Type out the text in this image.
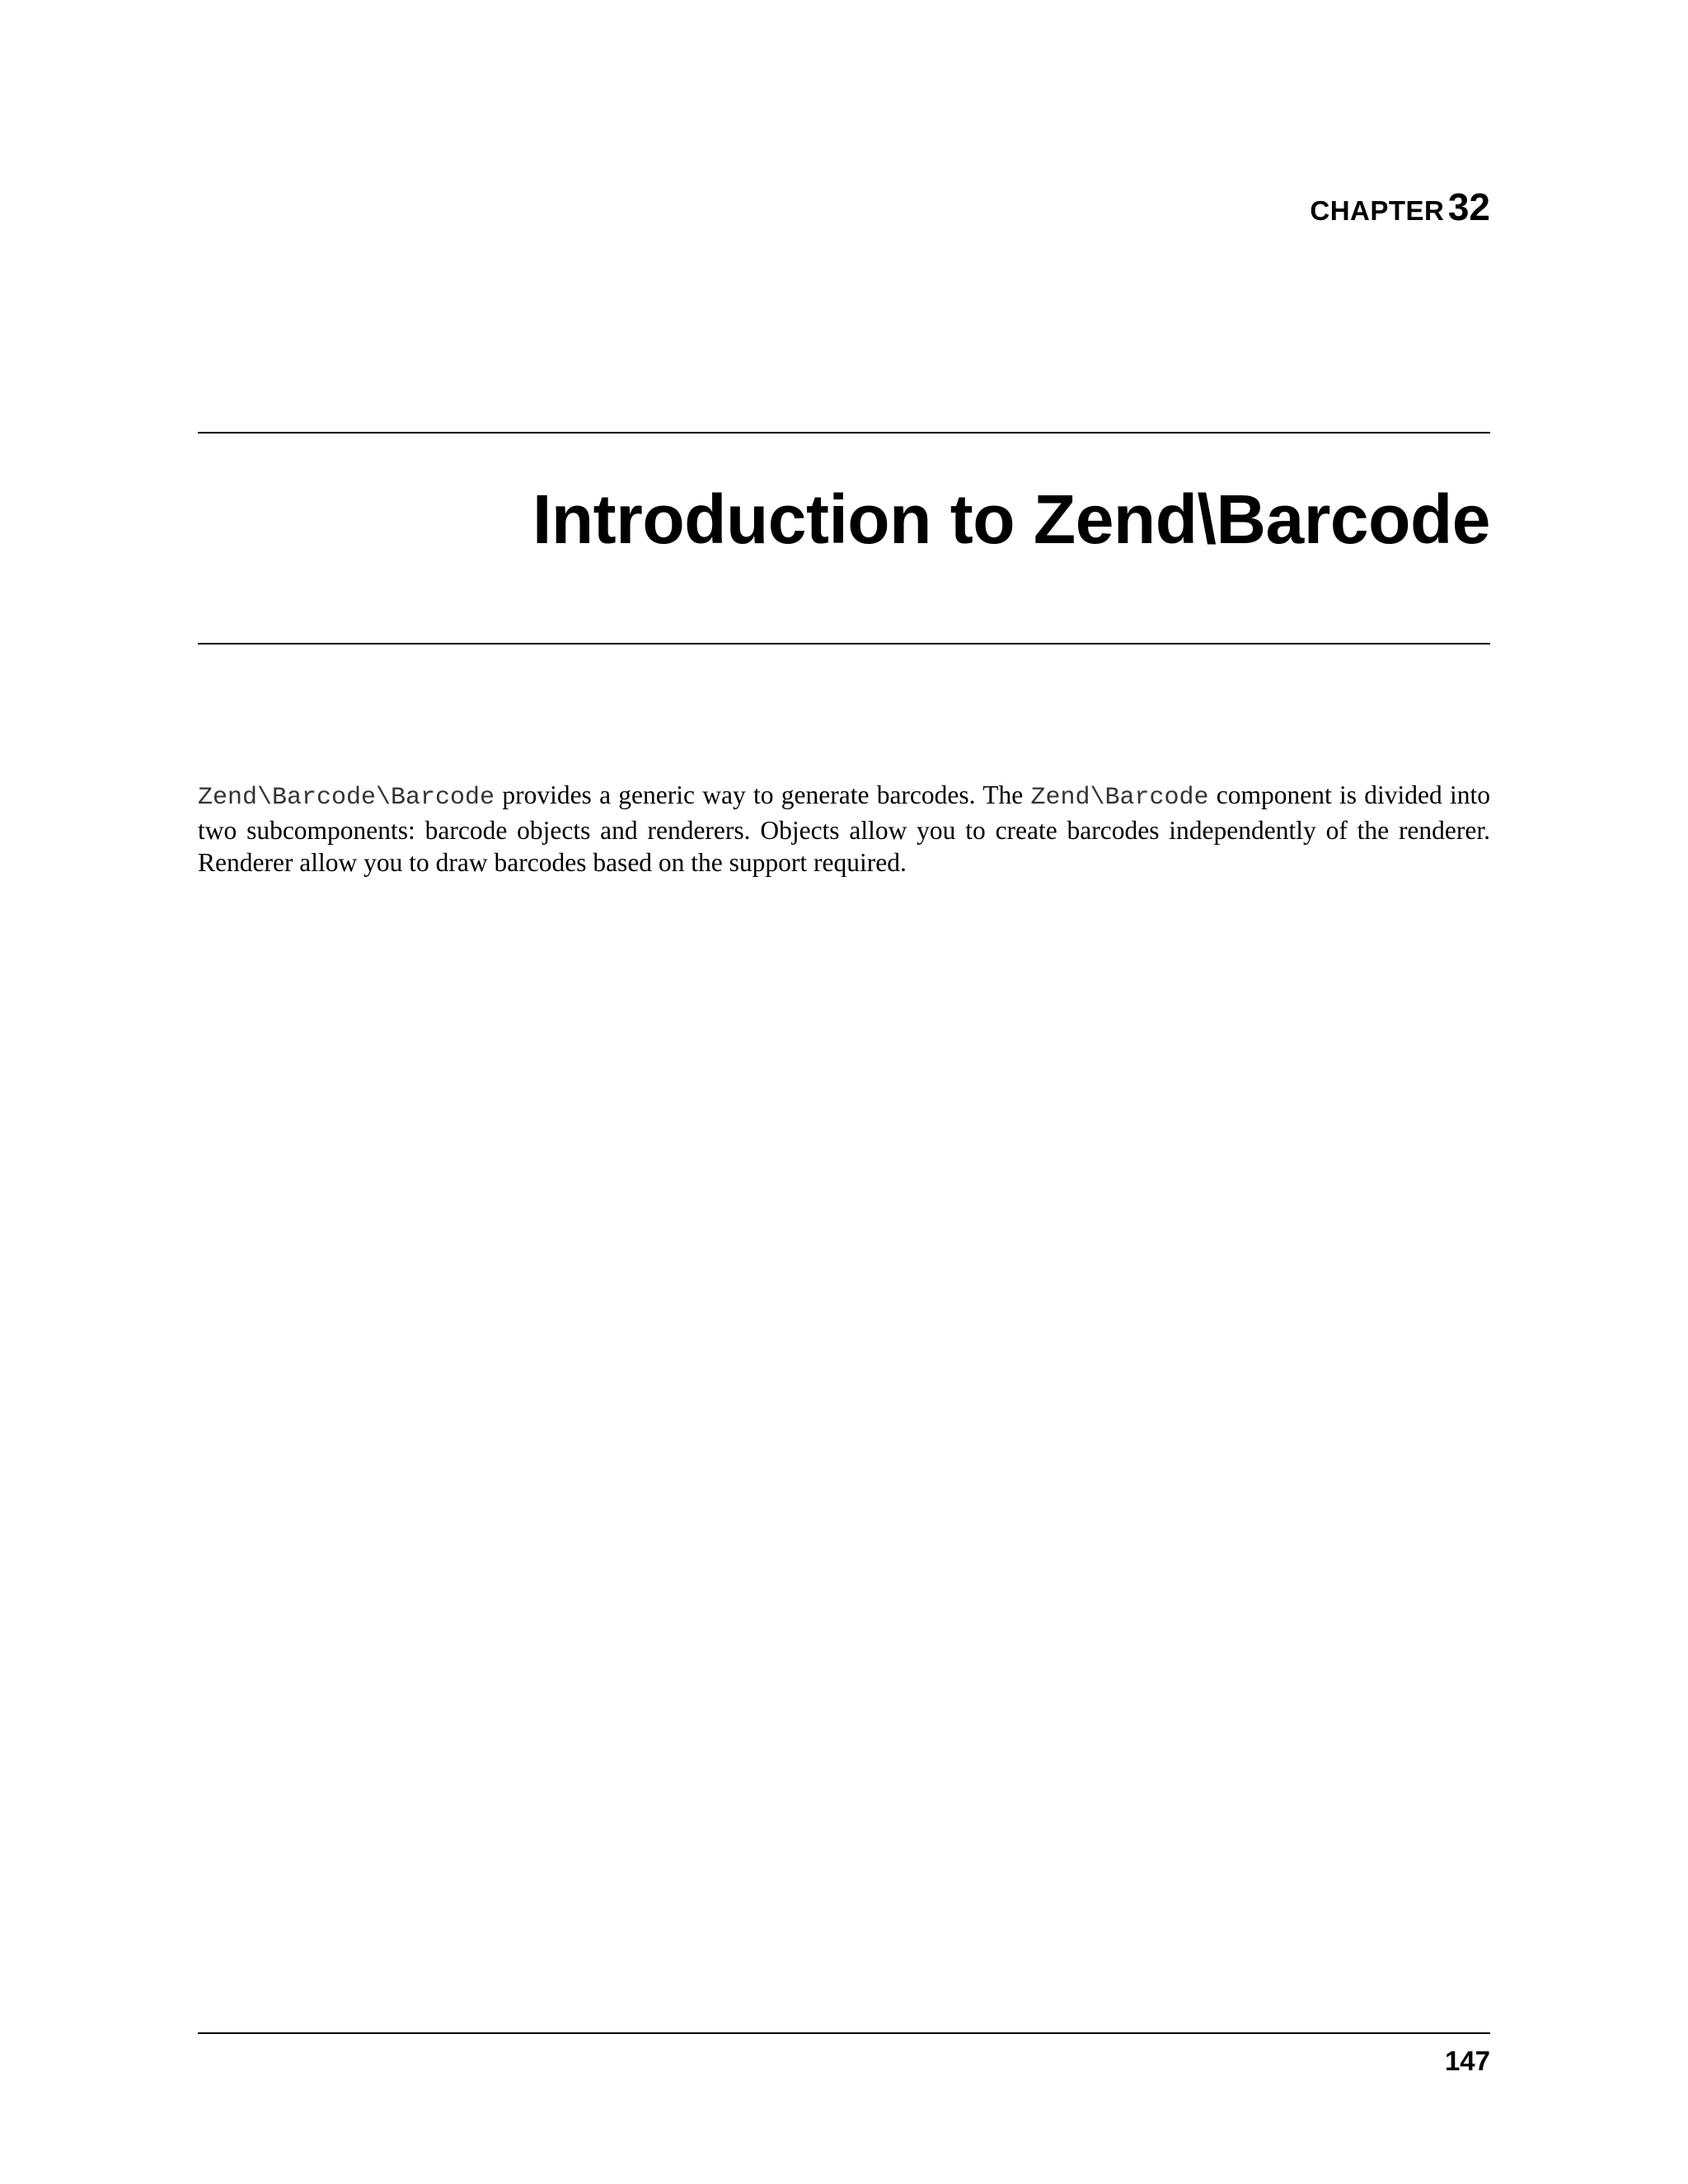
CHAPTER 32
Introduction to Zend\Barcode

Zend\Barcode\Barcode provides a generic way to generate barcodes. The Zend\Barcode component is divided into two subcomponents: barcode objects and renderers. Objects allow you to create barcodes independently of the renderer. Renderer allow you to draw barcodes based on the support required.

147
